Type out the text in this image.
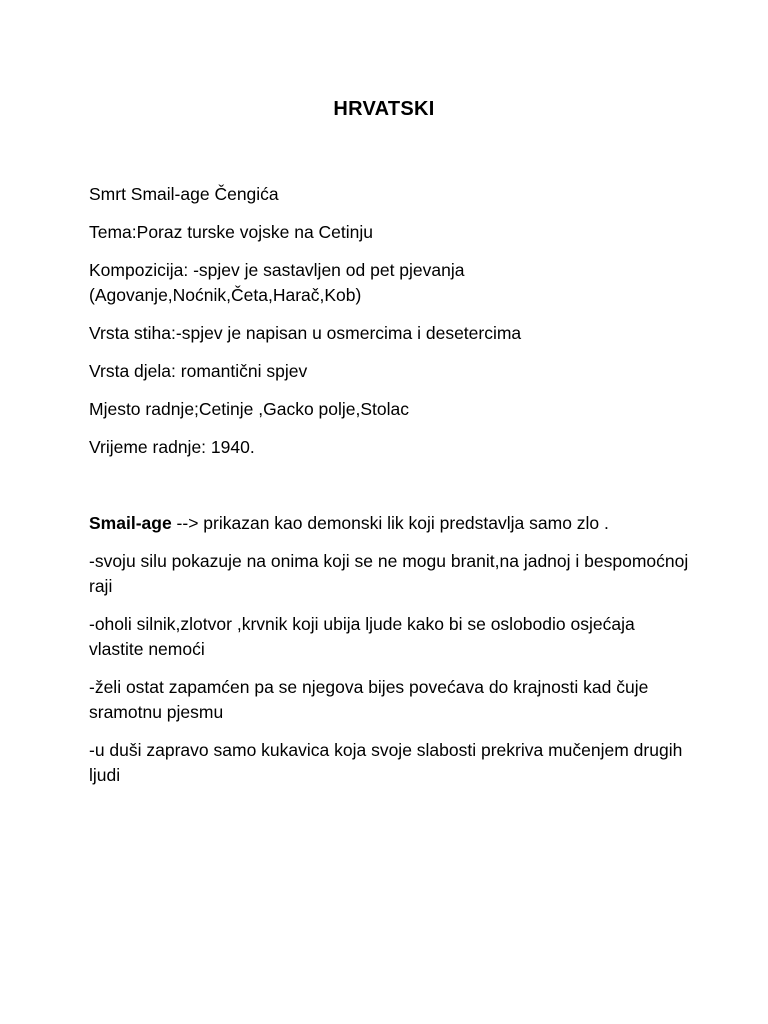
HRVATSKI

Smrt Smail-age Čengića

Tema:Poraz turske vojske na Cetinju

Kompozicija: -spjev je sastavljen od pet pjevanja (Agovanje,Noćnik,Četa,Harač,Kob)

Vrsta stiha:-spjev je napisan u osmercima i desetercima

Vrsta djela: romantični spjev

Mjesto radnje;Cetinje ,Gacko polje,Stolac

Vrijeme radnje: 1940.

Smail-age --> prikazan kao demonski lik koji predstavlja samo zlo .

-svoju silu pokazuje na onima koji se ne mogu branit,na jadnoj i bespomoćnoj raji

-oholi silnik,zlotvor ,krvnik koji ubija ljude kako bi se oslobodio osjećaja vlastite nemoći

-želi ostat zapamćen pa se njegova bijes povećava do krajnosti kad čuje sramotnu pjesmu

-u duši zapravo samo kukavica koja svoje slabosti prekriva mučenjem drugih ljudi
